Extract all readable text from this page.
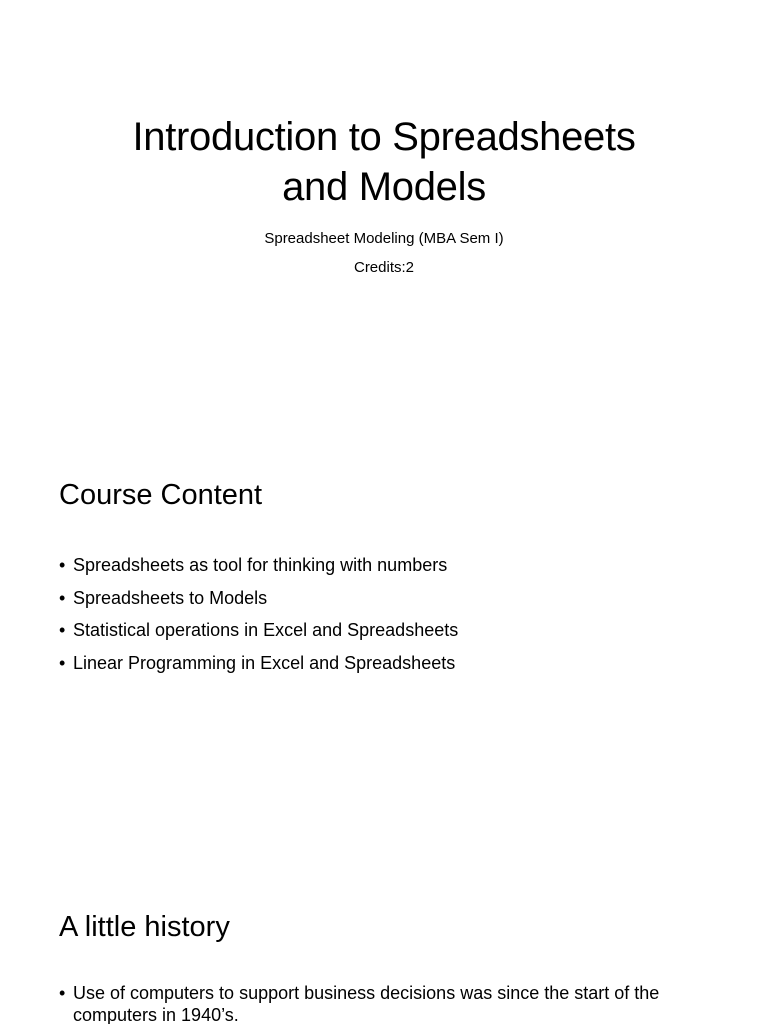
Introduction to Spreadsheets
and Models

Spreadsheet Modeling (MBA Sem I)

Credits:2

Course Content
• Spreadsheets as tool for thinking with numbers
• Spreadsheets to Models
• Statistical operations in Excel and Spreadsheets
• Linear Programming in Excel and Spreadsheets
A little history
• Use of computers to support business decisions was since the start of the computers in 1940’s.
